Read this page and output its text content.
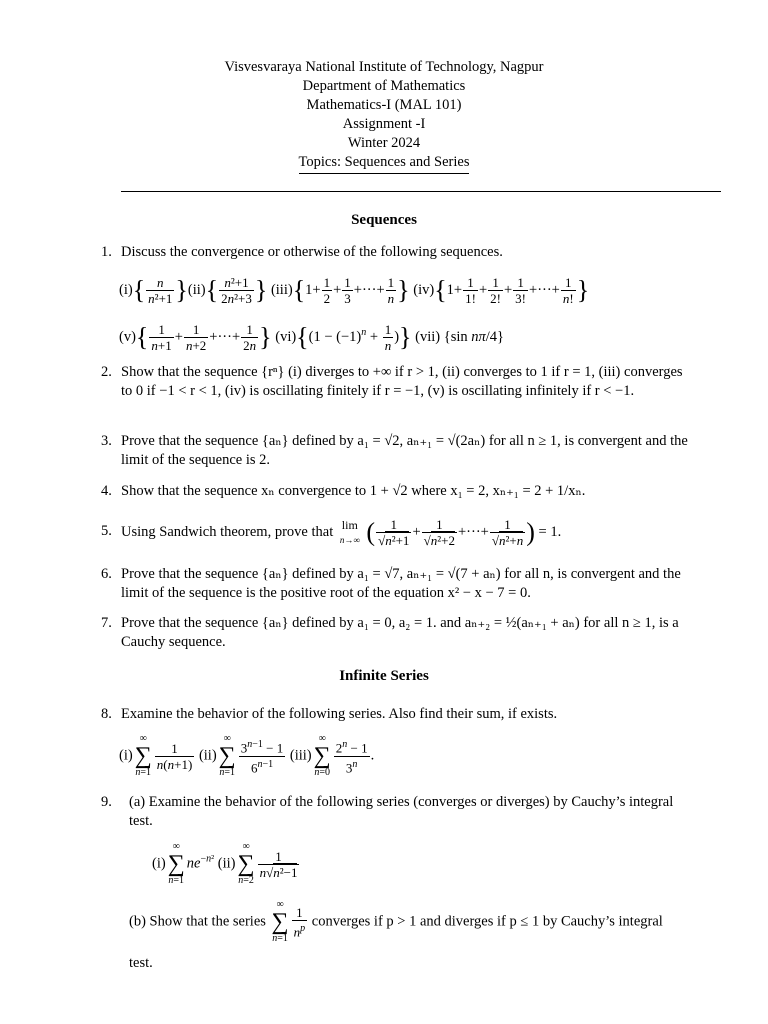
Visvesvaraya National Institute of Technology, Nagpur
Department of Mathematics
Mathematics-I (MAL 101)
Assignment -I
Winter 2024
Topics: Sequences and Series
Sequences
1. Discuss the convergence or otherwise of the following sequences.
$(i)\{ \frac{n}{\text{n²+1}} \}(ii)\{ \frac{\text{n²+1}}{\text{2n²+3}}$ } $(iii)\{1+ \frac{1}{2} + \frac{1}{3}$ +···+ $\frac{1}{n}$ } $(iv)\{1+ \frac{1}{1!} + \frac{1}{2!} + \frac{1}{3!}$ +···+ $\frac{1}{n!}$ }
$(v)\{ \frac{1}{n+1} + \frac{1}{n+2}$ +···+ $\frac{1}{2n}$ } $(vi)\{(1 - (-1)^n + \frac{1}{n}$ )} (vii) {sin nπ/4}
2. Show that the sequence {rⁿ} (i) diverges to +∞ if r > 1, (ii) converges to 1 if r = 1, (iii) converges to 0 if −1 < r < 1, (iv) is oscillating finitely if r = −1, (v) is oscillating infinitely if r < −1.
3. Prove that the sequence {aₙ} defined by a₁ = √2, aₙ₊₁ = √(2aₙ) for all n ≥ 1, is convergent and the limit of the sequence is 2.
4. Show that the sequence xₙ convergence to 1 + √2 where x₁ = 2, xₙ₊₁ = 2 + 1/xₙ.
5. Using Sandwich theorem, prove that lim
n→∞ ( $\frac{1}{\text{√n²+1}} + \frac{1}{\text{√n²+2}}$ +···+ $\frac{1}{\text{√n²+n}}$ ) = 1.
6. Prove that the sequence {aₙ} defined by a₁ = √7, aₙ₊₁ = √(7 + aₙ) for all n, is convergent and the limit of the sequence is the positive root of the equation x² − x − 7 = 0.
7. Prove that the sequence {aₙ} defined by a₁ = 0, a₂ = 1. and aₙ₊₂ = ½(aₙ₊₁ + aₙ) for all n ≥ 1, is a Cauchy sequence.
Infinite Series
8. Examine the behavior of the following series. Also find their sum, if exists.
(i)∞
∑
n=1
$\frac{1}{n(n+1)} (ii)\infty$
∑
$n=1 \frac{3^{n-1} - 1}{6^{n-1}} (iii)\infty$
∑
$n=0 \frac{2^n - 1}{3^n}$ .
9. (a) Examine the behavior of the following series (converges or diverges) by Cauchy’s integral test.
(i)∞
∑
$n=1ne^{-n^2}$ (ii)∞
∑
n=2
$\frac{1}{\text{n√n²−1}}$
(b) Show that the series ∞
∑
$n=1 \frac{1}{n^p}$ converges if p > 1 and diverges if p ≤ 1 by Cauchy’s integral test.
